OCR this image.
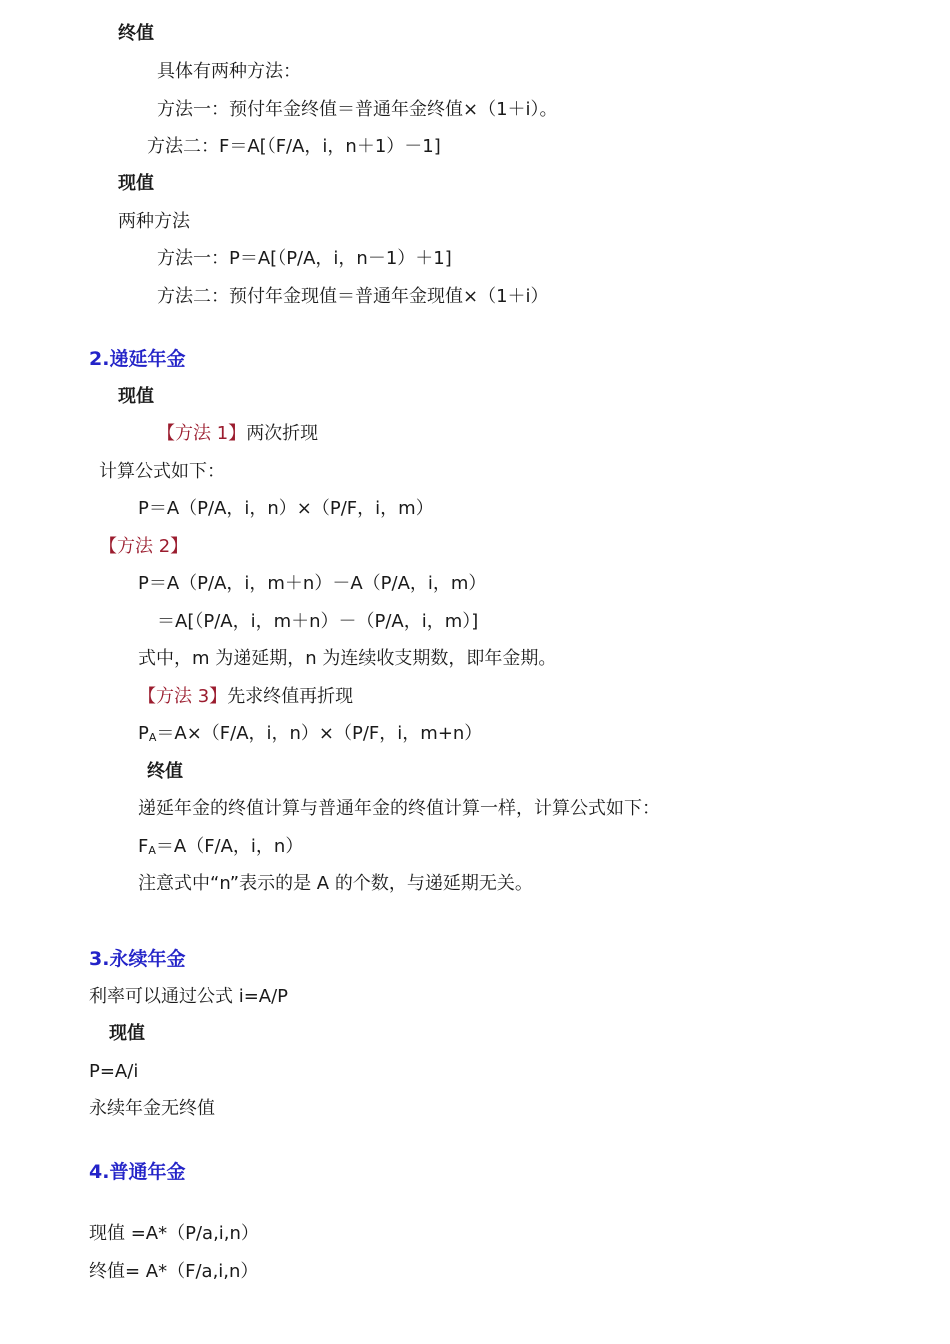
终值
具体有两种方法：
方法一：预付年金终值＝普通年金终值×（1＋i）。
方法二：F＝A[（F/A，i，n＋1）－1]
现值
两种方法
方法一：P＝A[（P/A，i，n－1）＋1]
方法二：预付年金现值＝普通年金现值×（1＋i）
2.递延年金
现值
【方法 1】两次折现
计算公式如下：
P＝A（P/A，i，n）×（P/F，i，m）
【方法 2】
P＝A（P/A，i，m＋n）－A（P/A，i，m）
＝A[（P/A，i，m＋n）－（P/A，i，m）]
式中，m 为递延期，n 为连续收支期数，即年金期。
【方法 3】先求终值再折现
$P_A=A\times(F/A$，i，n）×（P/F，i，m+n）
终值
递延年金的终值计算与普通年金的终值计算一样，计算公式如下：
$F_A=A(F/A$，i，n）
注意式中“n”表示的是 A 的个数，与递延期无关。
3.永续年金
利率可以通过公式 i=A/P
现值
P=A/i
永续年金无终值
4.普通年金
现值 =A*（P/a,i,n）
终值= A*（F/a,i,n）
